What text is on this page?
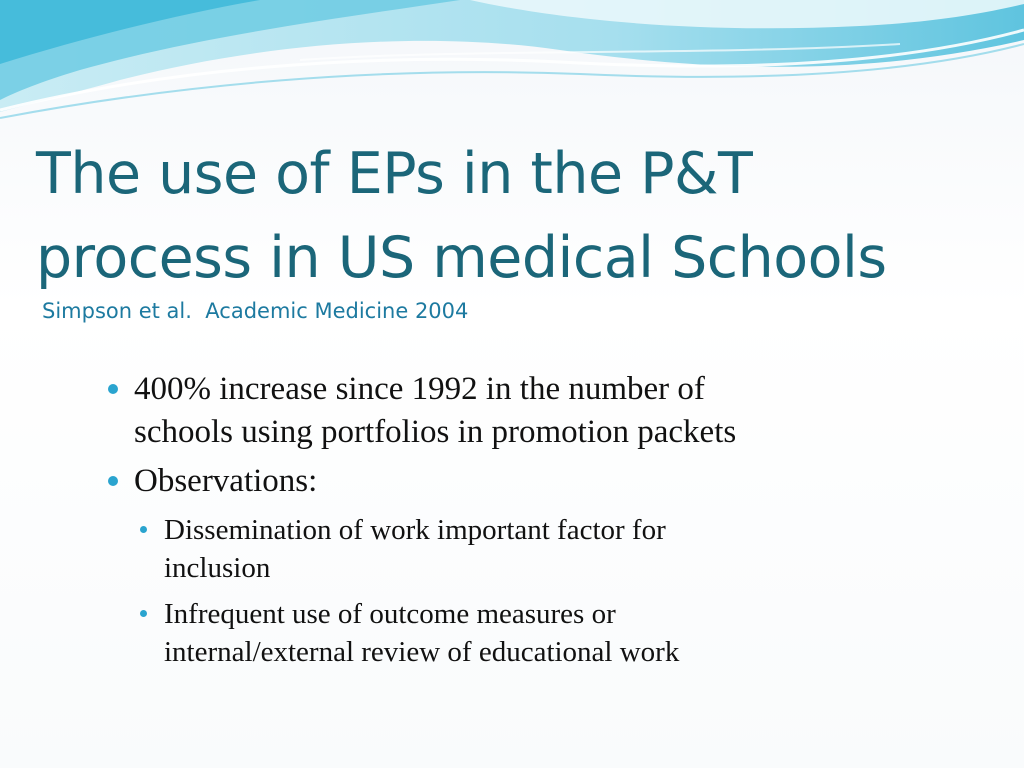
The use of EPs in the P&T
process in US medical Schools
Simpson et al.  Academic Medicine 2004
400% increase since 1992 in the number of
schools using portfolios in promotion packets
Observations:
Dissemination of work important factor for
inclusion
Infrequent use of outcome measures or
internal/external review of educational work
